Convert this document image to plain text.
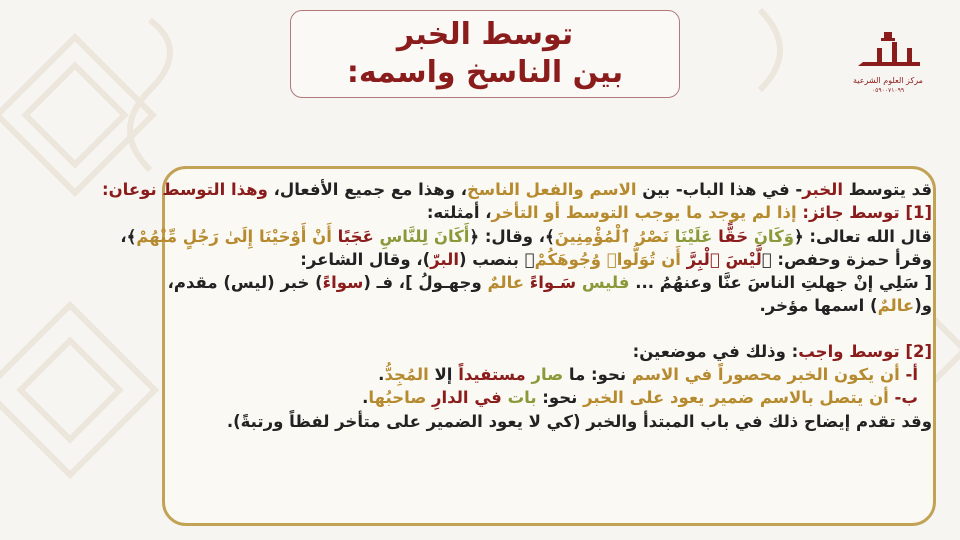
توسط الخبر
بين الناسخ واسمه:	مركز العلوم الشرعية
٠٥٩٠٠٧١٠٩٩
قد يتوسط الخبر- في هذا الباب- بين الاسم والفعل الناسخ، وهذا مع جميع الأفعال، وهذا التوسط نوعان:
[1] توسط جائز: إذا لم يوجد ما يوجب التوسط أو التأخر، أمثلته:
قال الله تعالى: ﴿وَكَانَ حَقًّا عَلَيْنَا نَصْرُ ٱلْمُؤْمِنِينَ﴾، وقال: ﴿أَكَانَ لِلنَّاسِ عَجَبًا أَنْ أَوْحَيْنَا إِلَىٰ رَجُلٍ مِّنْهُمْ﴾،
وقرأ حمزة وحفص: ﴿لَّيْسَ ٱلْبِرَّ أَن تُوَلُّوا۟ وُجُوهَكُمْ﴾ بنصب (البرّ)، وقال الشاعر:
[ سَلِي إنْ جهلتِ الناسَ عنَّا وعنهُمُ ... فليس سَـواءً عالمٌ وجهـولُ ]، فـ (سواءً) خبر (ليس) مقدم،
و(عالمٌ) اسمها مؤخر.
[2] توسط واجب: وذلك في موضعين:
أ- أن يكون الخبر محصوراً في الاسم نحو: ما صار مستفيداً إلا المُجِدُّ.
ب- أن يتصل بالاسم ضمير يعود على الخبر نحو: بات في الدارِ صاحبُها.
وقد تقدم إيضاح ذلك في باب المبتدأ والخبر (كي لا يعود الضمير على متأخر لفظاً ورتبةً).
